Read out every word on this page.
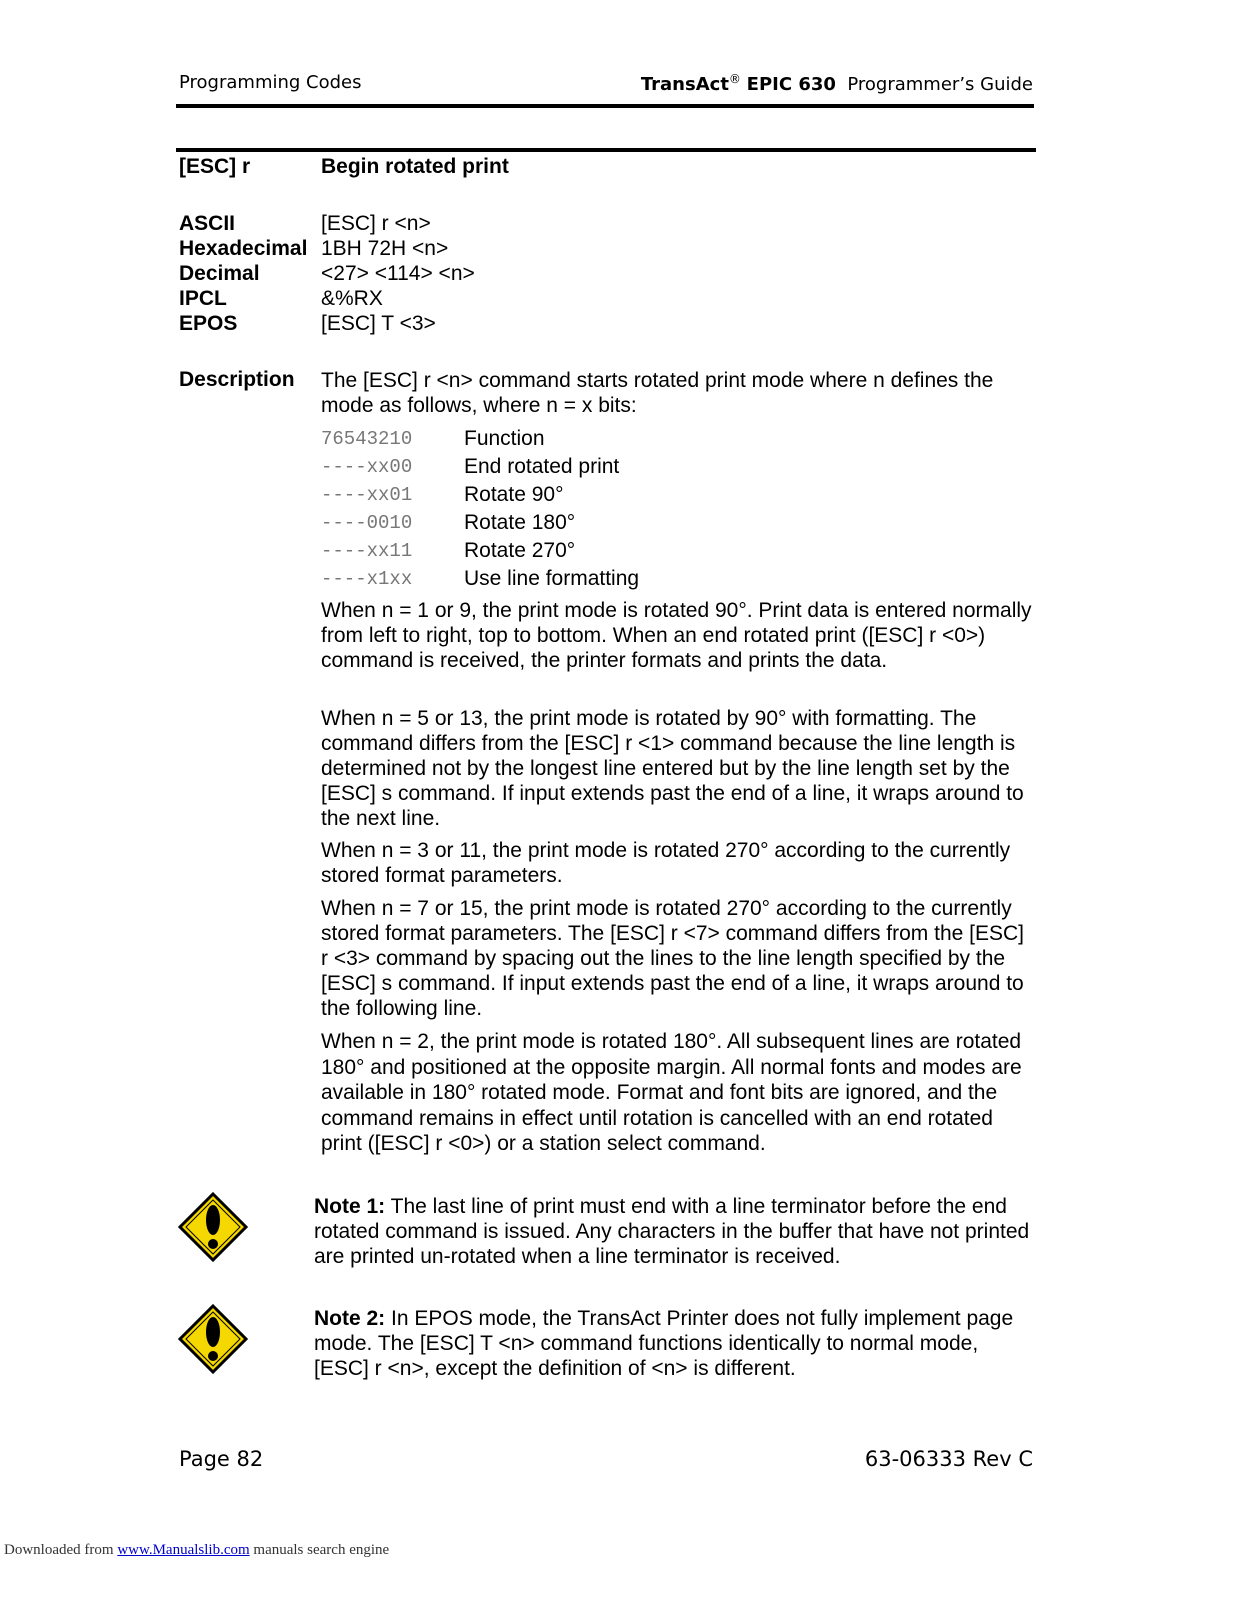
Programming Codes	TransAct® EPIC 630 Programmer’s Guide
[ESC] r	Begin rotated print
ASCII	[ESC] r <n>
Hexadecimal 1BH 72H <n>
Decimal	<27> <114> <n>
IPCL	&%RX
EPOS	[ESC] T <3>
Description The [ESC] r <n> command starts rotated print mode where n defines the mode as follows, where n = x bits:
76543210	Function
----xx00	End rotated print
----xx01	Rotate 90°
----0010	Rotate 180°
----xx11	Rotate 270°
----x1xx	Use line formatting
When n = 1 or 9, the print mode is rotated 90°. Print data is entered normally from left to right, top to bottom. When an end rotated print ([ESC] r <0>) command is received, the printer formats and prints the data.
When n = 5 or 13, the print mode is rotated by 90° with formatting. The command differs from the [ESC] r <1> command because the line length is determined not by the longest line entered but by the line length set by the [ESC] s command. If input extends past the end of a line, it wraps around to the next line.
When n = 3 or 11, the print mode is rotated 270° according to the currently stored format parameters.
When n = 7 or 15, the print mode is rotated 270° according to the currently stored format parameters. The [ESC] r <7> command differs from the [ESC] r <3> command by spacing out the lines to the line length specified by the [ESC] s command. If input extends past the end of a line, it wraps around to the following line.
When n = 2, the print mode is rotated 180°. All subsequent lines are rotated 180° and positioned at the opposite margin. All normal fonts and modes are available in 180° rotated mode. Format and font bits are ignored, and the command remains in effect until rotation is cancelled with an end rotated print ([ESC] r <0>) or a station select command.
Note 1: The last line of print must end with a line terminator before the end rotated command is issued. Any characters in the buffer that have not printed are printed un-rotated when a line terminator is received.
Note 2: In EPOS mode, the TransAct Printer does not fully implement page mode. The [ESC] T <n> command functions identically to normal mode, [ESC] r <n>, except the definition of <n> is different.
Page 82	63-06333 Rev C
Downloaded from www.Manualslib.com manuals search engine
